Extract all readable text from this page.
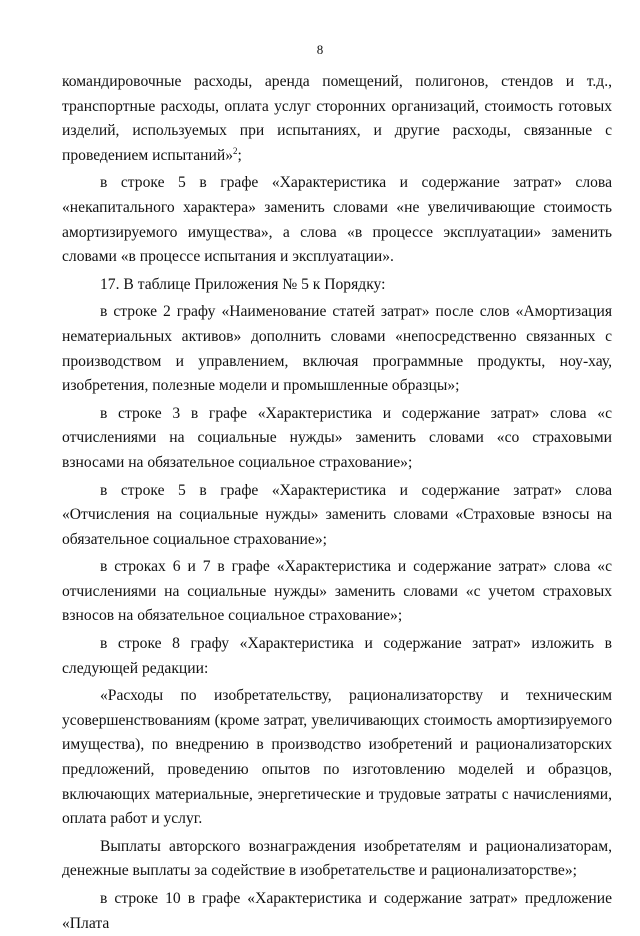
8

командировочные расходы, аренда помещений, полигонов, стендов и т.д., транспортные расходы, оплата услуг сторонних организаций, стоимость готовых изделий, используемых при испытаниях, и другие расходы, связанные с проведением испытаний»$^2$;

в строке 5 в графе «Характеристика и содержание затрат» слова «некапитального характера» заменить словами «не увеличивающие стоимость амортизируемого имущества», а слова «в процессе эксплуатации» заменить словами «в процессе испытания и эксплуатации».

17. В таблице Приложения № 5 к Порядку:

в строке 2 графу «Наименование статей затрат» после слов «Амортизация нематериальных активов» дополнить словами «непосредственно связанных с производством и управлением, включая программные продукты, ноу-хау, изобретения, полезные модели и промышленные образцы»;

в строке 3 в графе «Характеристика и содержание затрат» слова «с отчислениями на социальные нужды» заменить словами «со страховыми взносами на обязательное социальное страхование»;

в строке 5 в графе «Характеристика и содержание затрат» слова «Отчисления на социальные нужды» заменить словами «Страховые взносы на обязательное социальное страхование»;

в строках 6 и 7 в графе «Характеристика и содержание затрат» слова «с отчислениями на социальные нужды» заменить словами «с учетом страховых взносов на обязательное социальное страхование»;

в строке 8 графу «Характеристика и содержание затрат» изложить в следующей редакции:

«Расходы по изобретательству, рационализаторству и техническим усовершенствованиям (кроме затрат, увеличивающих стоимость амортизируемого имущества), по внедрению в производство изобретений и рационализаторских предложений, проведению опытов по изготовлению моделей и образцов, включающих материальные, энергетические и трудовые затраты с начислениями, оплата работ и услуг.

Выплаты авторского вознаграждения изобретателям и рационализаторам, денежные выплаты за содействие в изобретательстве и рационализаторстве»;

в строке 10 в графе «Характеристика и содержание затрат» предложение «Плата
